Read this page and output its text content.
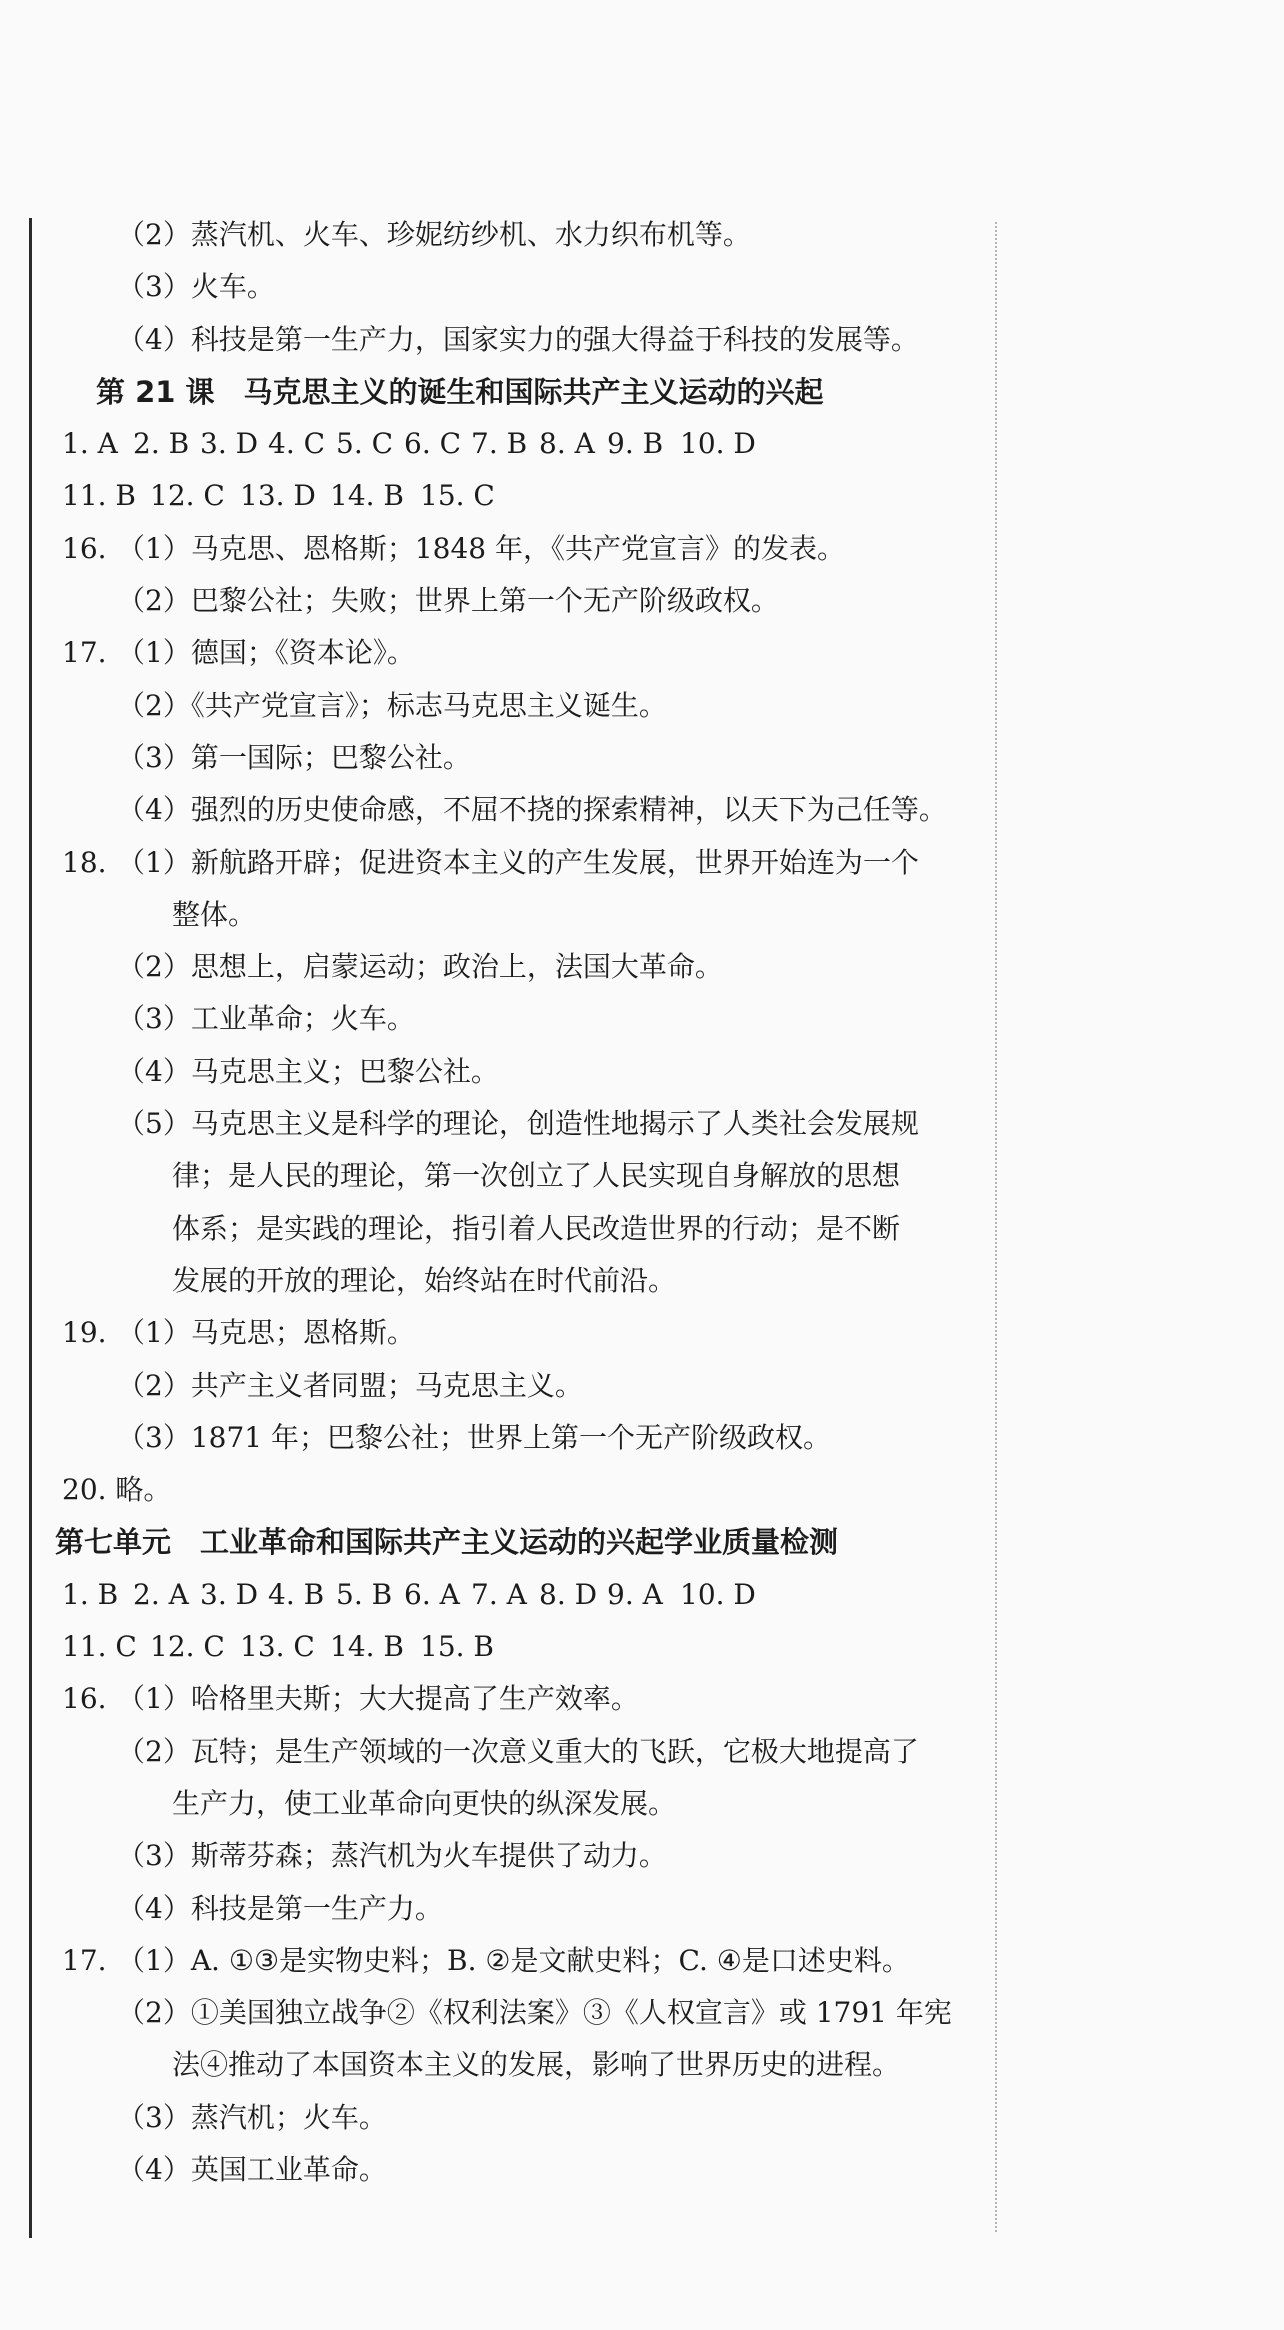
（2）蒸汽机、火车、珍妮纺纱机、水力织布机等。
（3）火车。
（4）科技是第一生产力，国家实力的强大得益于科技的发展等。
第 21 课　马克思主义的诞生和国际共产主义运动的兴起
1. A 2. B 3. D 4. C 5. C 6. C 7. B 8. A 9. B 10. D
11. B 12. C 13. D 14. B 15. C
16. （1）马克思、恩格斯；1848 年，《共产党宣言》的发表。
（2）巴黎公社；失败；世界上第一个无产阶级政权。
17. （1）德国；《资本论》。
（2）《共产党宣言》；标志马克思主义诞生。
（3）第一国际；巴黎公社。
（4）强烈的历史使命感，不屈不挠的探索精神，以天下为己任等。
18. （1）新航路开辟；促进资本主义的产生发展，世界开始连为一个
整体。
（2）思想上，启蒙运动；政治上，法国大革命。
（3）工业革命；火车。
（4）马克思主义；巴黎公社。
（5）马克思主义是科学的理论，创造性地揭示了人类社会发展规
律；是人民的理论，第一次创立了人民实现自身解放的思想
体系；是实践的理论，指引着人民改造世界的行动；是不断
发展的开放的理论，始终站在时代前沿。
19. （1）马克思；恩格斯。
（2）共产主义者同盟；马克思主义。
（3）1871 年；巴黎公社；世界上第一个无产阶级政权。
20. 略。
第七单元　工业革命和国际共产主义运动的兴起学业质量检测
1. B 2. A 3. D 4. B 5. B 6. A 7. A 8. D 9. A 10. D
11. C 12. C 13. C 14. B 15. B
16. （1）哈格里夫斯；大大提高了生产效率。
（2）瓦特；是生产领域的一次意义重大的飞跃，它极大地提高了
生产力，使工业革命向更快的纵深发展。
（3）斯蒂芬森；蒸汽机为火车提供了动力。
（4）科技是第一生产力。
17. （1）A. ①③是实物史料；B. ②是文献史料；C. ④是口述史料。
（2）①美国独立战争②《权利法案》③《人权宣言》或 1791 年宪
法④推动了本国资本主义的发展，影响了世界历史的进程。
（3）蒸汽机；火车。
（4）英国工业革命。
